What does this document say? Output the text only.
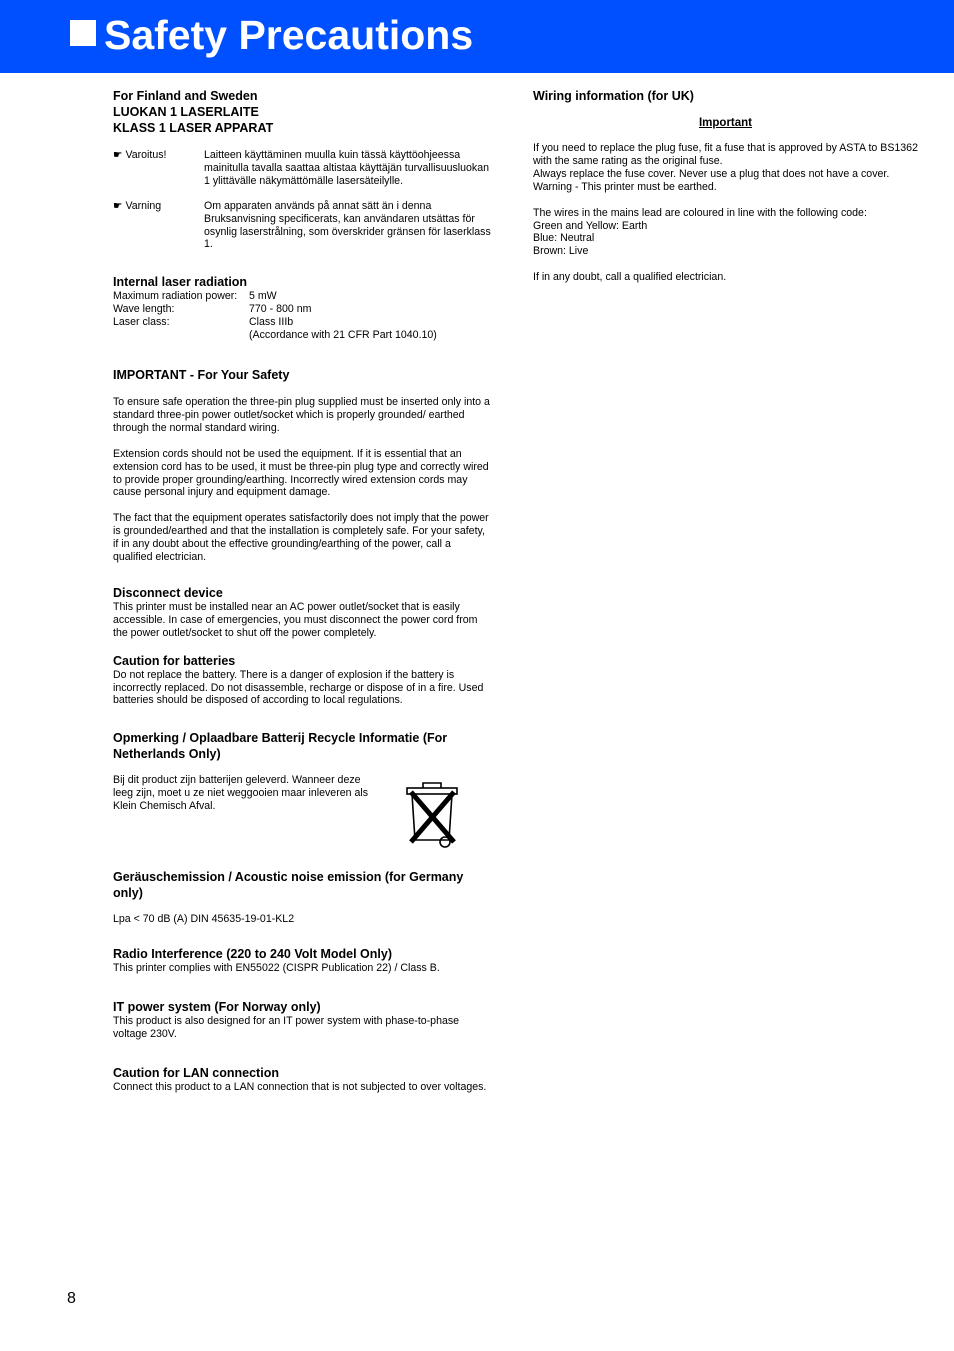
Safety Precautions

For Finland and Sweden

LUOKAN 1 LASERLAITE

KLASS 1 LASER APPARAT

☛ Varoitus!	Laitteen käyttäminen muulla kuin tässä käyttöohjeessa mainitulla tavalla saattaa altistaa käyttäjän turvallisuusluokan 1 ylittävälle näkymättömälle lasersäteilylle.
☛ Varning	Om apparaten används på annat sätt än i denna Bruksanvisning specificerats, kan användaren utsättas för osynlig laserstrålning, som överskrider gränsen för laserklass 1.

Internal laser radiation

Maximum radiation power:	5 mW
Wave length:	770 - 800 nm
Laser class:	Class IIIb
(Accordance with 21 CFR Part 1040.10)

IMPORTANT - For Your Safety

To ensure safe operation the three-pin plug supplied must be inserted only into a standard three-pin power outlet/socket which is properly grounded/ earthed through the normal standard wiring.

Extension cords should not be used the equipment. If it is essential that an extension cord has to be used, it must be three-pin plug type and correctly wired to provide proper grounding/earthing. Incorrectly wired extension cords may cause personal injury and equipment damage.

The fact that the equipment operates satisfactorily does not imply that the power is grounded/earthed and that the installation is completely safe. For your safety, if in any doubt about the effective grounding/earthing of the power, call a qualified electrician.

Disconnect device

This printer must be installed near an AC power outlet/socket that is easily accessible. In case of emergencies, you must disconnect the power cord from the power outlet/socket to shut off the power completely.

Caution for batteries

Do not replace the battery. There is a danger of explosion if the battery is incorrectly replaced. Do not disassemble, recharge or dispose of in a fire. Used batteries should be disposed of according to local regulations.

Opmerking / Oplaadbare Batterij Recycle Informatie (For Netherlands Only)

Bij dit product zijn batterijen geleverd. Wanneer deze leeg zijn, moet u ze niet weggooien maar inleveren als Klein Chemisch Afval.

Geräuschemission / Acoustic noise emission (for Germany only)

Lpa < 70 dB (A) DIN 45635-19-01-KL2

Radio Interference (220 to 240 Volt Model Only)

This printer complies with EN55022 (CISPR Publication 22) / Class B.

IT power system (For Norway only)

This product is also designed for an IT power system with phase-to-phase voltage 230V.

Caution for LAN connection

Connect this product to a LAN connection that is not subjected to over voltages.

Wiring information (for UK)

Important

If you need to replace the plug fuse, fit a fuse that is approved by ASTA to BS1362 with the same rating as the original fuse.

Always replace the fuse cover. Never use a plug that does not have a cover.

Warning - This printer must be earthed.

The wires in the mains lead are coloured in line with the following code:

Green and Yellow: Earth

Blue: Neutral

Brown: Live

If in any doubt, call a qualified electrician.

8
